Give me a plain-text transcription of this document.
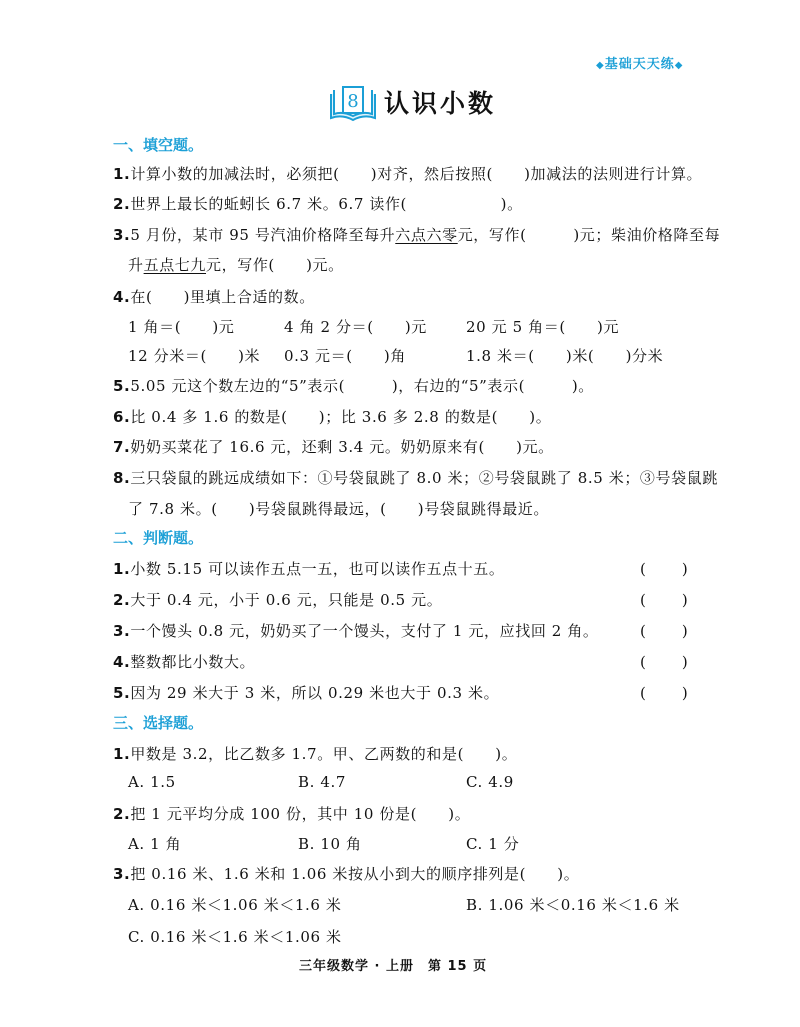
◆基础天天练◆
8 认识小数
一、填空题。
1.计算小数的加减法时，必须把(　　)对齐，然后按照(　　)加减法的法则进行计算。
2.世界上最长的蚯蚓长 6.7 米。6.7 读作(　　　　　　)。
3.5 月份，某市 95 号汽油价格降至每升六点六零元，写作(　　　)元；柴油价格降至每
升五点七九元，写作(　　)元。
4.在(　　)里填上合适的数。
1 角＝(　　)元	4 角 2 分＝(　　)元	20 元 5 角＝(　　)元
12 分米＝(　　)米 0.3 元＝(　　)角	1.8 米＝(　　)米(　　)分米
5.5.05 元这个数左边的“5”表示(　　　)，右边的“5”表示(　　　)。
6.比 0.4 多 1.6 的数是(　　)；比 3.6 多 2.8 的数是(　　)。
7.奶奶买菜花了 16.6 元，还剩 3.4 元。奶奶原来有(　　)元。
8.三只袋鼠的跳远成绩如下：①号袋鼠跳了 8.0 米；②号袋鼠跳了 8.5 米；③号袋鼠跳
了 7.8 米。(　　)号袋鼠跳得最远，(　　)号袋鼠跳得最近。
二、判断题。
1.小数 5.15 可以读作五点一五，也可以读作五点十五。	(　　)
2.大于 0.4 元，小于 0.6 元，只能是 0.5 元。	(　　)
3.一个馒头 0.8 元，奶奶买了一个馒头，支付了 1 元，应找回 2 角。	(　　)
4.整数都比小数大。	(　　)
5.因为 29 米大于 3 米，所以 0.29 米也大于 0.3 米。	(　　)
三、选择题。
1.甲数是 3.2，比乙数多 1.7。甲、乙两数的和是(　　)。
A. 1.5	B. 4.7	C. 4.9
2.把 1 元平均分成 100 份，其中 10 份是(　　)。
A. 1 角	B. 10 角	C. 1 分
3.把 0.16 米、1.6 米和 1.06 米按从小到大的顺序排列是(　　)。
A. 0.16 米＜1.06 米＜1.6 米	B. 1.06 米＜0.16 米＜1.6 米
C. 0.16 米＜1.6 米＜1.06 米
三年级数学 · 上册　第 15 页
